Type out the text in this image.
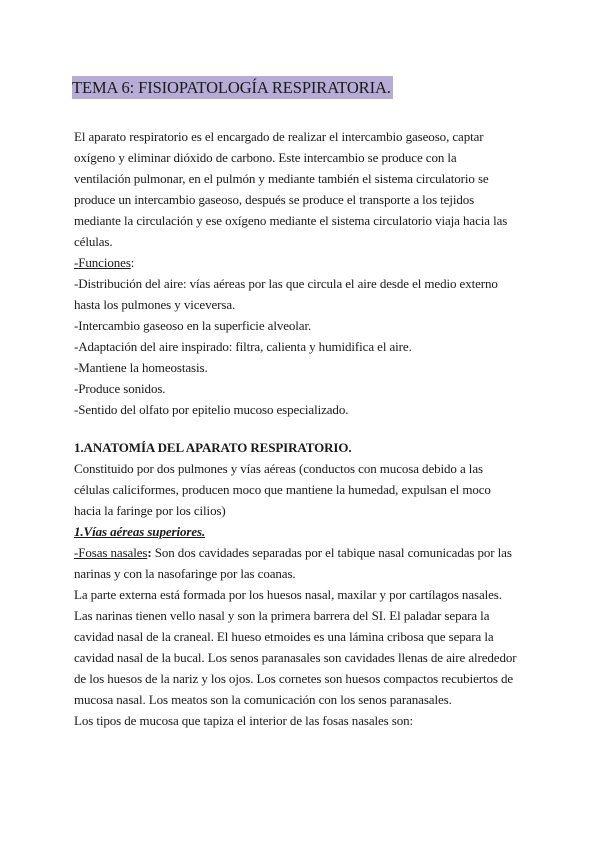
TEMA 6: FISIOPATOLOGÍA RESPIRATORIA.
El aparato respiratorio es el encargado de realizar el intercambio gaseoso, captar
oxígeno y eliminar dióxido de carbono. Este intercambio se produce con la
ventilación pulmonar, en el pulmón y mediante también el sistema circulatorio se
produce un intercambio gaseoso, después se produce el transporte a los tejidos
mediante la circulación y ese oxígeno mediante el sistema circulatorio viaja hacia las
células.
-Funciones:
-Distribución del aire: vías aéreas por las que circula el aire desde el medio externo
hasta los pulmones y viceversa.
-Intercambio gaseoso en la superficie alveolar.
-Adaptación del aire inspirado: filtra, calienta y humidifica el aire.
-Mantiene la homeostasis.
-Produce sonidos.
-Sentido del olfato por epitelio mucoso especializado.
1.ANATOMÍA DEL APARATO RESPIRATORIO.
Constituido por dos pulmones y vías aéreas (conductos con mucosa debido a las
células caliciformes, producen moco que mantiene la humedad, expulsan el moco
hacia la faringe por los cilios)
1.Vías aéreas superiores.
-Fosas nasales: Son dos cavidades separadas por el tabique nasal comunicadas por las
narinas y con la nasofaringe por las coanas.
La parte externa está formada por los huesos nasal, maxilar y por cartílagos nasales.
Las narinas tienen vello nasal y son la primera barrera del SI. El paladar separa la
cavidad nasal de la craneal. El hueso etmoides es una lámina cribosa que separa la
cavidad nasal de la bucal. Los senos paranasales son cavidades llenas de aire alrededor
de los huesos de la nariz y los ojos. Los cornetes son huesos compactos recubiertos de
mucosa nasal. Los meatos son la comunicación con los senos paranasales.
Los tipos de mucosa que tapiza el interior de las fosas nasales son:
